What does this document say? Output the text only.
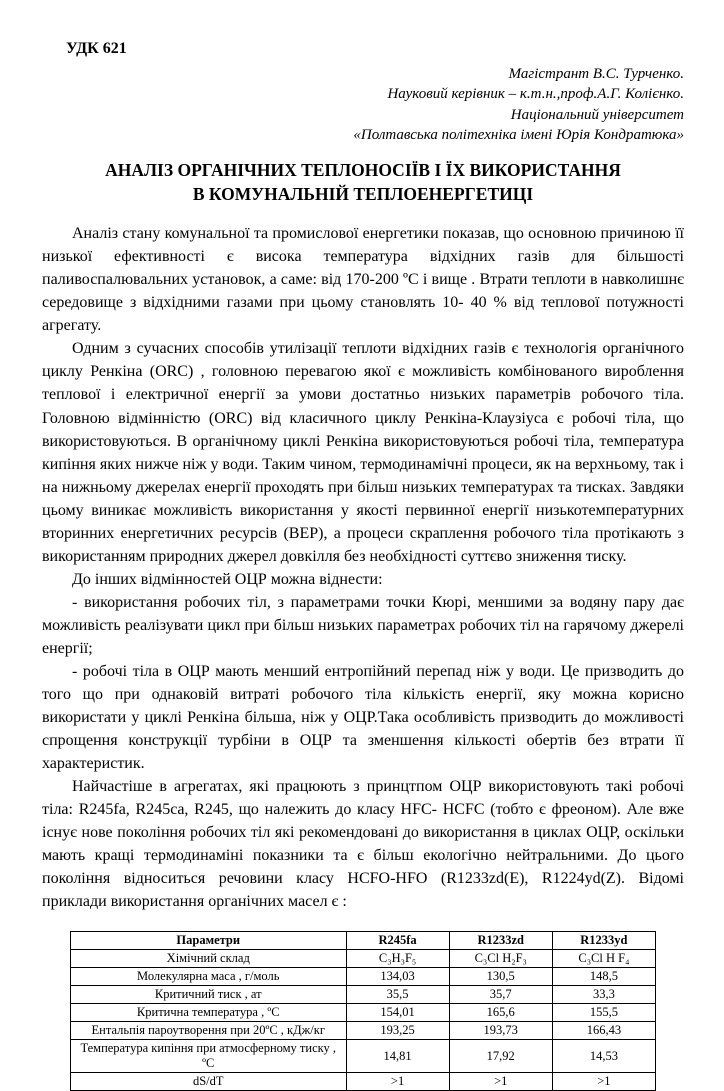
УДК 621
Магістрант В.С. Турченко.
Науковий керівник – к.т.н.,проф.А.Г. Колієнко.
Національний університет
«Полтавська політехніка імені Юрія Кондратюка»
АНАЛІЗ ОРГАНІЧНИХ ТЕПЛОНОСІЇВ І ЇХ ВИКОРИСТАННЯ
В КОМУНАЛЬНІЙ ТЕПЛОЕНЕРГЕТИЦІ

Аналіз стану комунальної та промислової енергетики показав, що основною причиною її низької ефективності є висока температура відхідних газів для більшості паливоспалювальних установок, а саме: від 170-200 ºС і вище . Втрати теплоти в навколишнє середовище з відхідними газами при цьому становлять 10- 40 % від теплової потужності агрегату.

Одним з сучасних способів утилізації теплоти відхідних газів є технологія органічного циклу Ренкіна (ORC) , головною перевагою якої є можливість комбінованого вироблення теплової і електричної енергії за умови достатньо низьких параметрів робочого тіла. Головною відмінністю (ORC) від класичного циклу Ренкіна-Клаузіуса є робочі тіла, що використовуються. В органічному циклі Ренкіна використовуються робочі тіла, температура кипіння яких нижче ніж у води. Таким чином, термодинамічні процеси, як на верхньому, так і на нижньому джерелах енергії проходять при більш низьких температурах та тисках. Завдяки цьому виникає можливість використання у якості первинної енергії низькотемпературних вторинних енергетичних ресурсів (ВЕР), а процеси скраплення робочого тіла протікають з використанням природних джерел довкілля без необхідності суттєво зниження тиску.

До інших відмінностей ОЦР можна віднести:

- використання робочих тіл, з параметрами точки Кюрі, меншими за водяну пару дає можливість реалізувати цикл при більш низьких параметрах робочих тіл на гарячому джерелі енергії;

- робочі тіла в ОЦР мають менший ентропійний перепад ніж у води. Це призводить до того що при однаковій витраті робочого тіла кількість енергії, яку можна корисно використати у циклі Ренкіна більша, ніж у ОЦР.Така особливість призводить до можливості спрощення конструкції турбіни в ОЦР та зменшення кількості обертів без втрати її характеристик.

Найчастіше в агрегатах, які працюють з принцтпом ОЦР використовують такі робочі тіла: R245fa, R245ca, R245, що належить до класу HFC- HCFC (тобто є фреоном). Але вже існує нове покоління робочих тіл які рекомендовані до використання в циклах ОЦР, оскільки мають кращі термодинаміні показники та є більш екологічно нейтральними. До цього покоління відноситься речовини класу HCFO-HFO (R1233zd(E), R1224yd(Z). Відомі приклади використання органічних масел є :

Параметри	R245fa	R1233zd	R1233yd
Хімічний склад	C₃H₃F₅	C₃Cl H₂F₃	C₃Cl H F₄
Молекулярна маса , г/моль	134,03	130,5	148,5
Критичний тиск , ат	35,5	35,7	33,3
Критична температура , ºС	154,01	165,6	155,5
Ентальпія пароутворення при 20ºС , кДж/кг	193,25	193,73	166,43
Температура кипіння при атмосферному тиску , ºС	14,81	17,92	14,53
dS/dT	>1	>1	>1
